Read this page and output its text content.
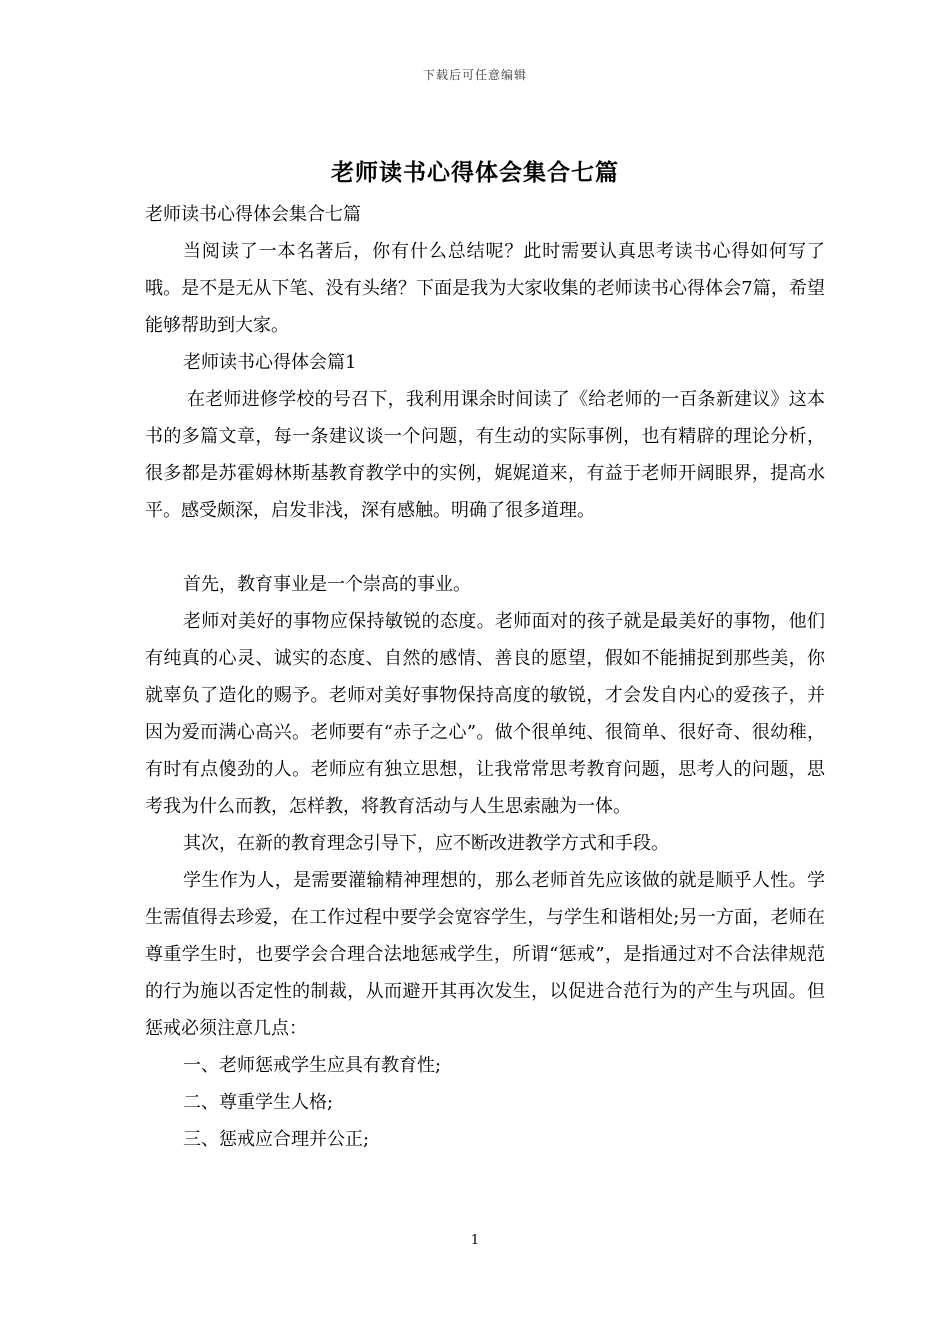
下载后可任意编辑
老师读书心得体会集合七篇

老师读书心得体会集合七篇

当阅读了一本名著后，你有什么总结呢？此时需要认真思考读书心得如何写了哦。是不是无从下笔、没有头绪？下面是我为大家收集的老师读书心得体会7篇，希望能够帮助到大家。

老师读书心得体会篇1

在老师进修学校的号召下，我利用课余时间读了《给老师的一百条新建议》这本书的多篇文章，每一条建议谈一个问题，有生动的实际事例，也有精辟的理论分析，很多都是苏霍姆林斯基教育教学中的实例，娓娓道来，有益于老师开阔眼界，提高水平。感受颇深，启发非浅，深有感触。明确了很多道理。

首先，教育事业是一个崇高的事业。

老师对美好的事物应保持敏锐的态度。老师面对的孩子就是最美好的事物，他们有纯真的心灵、诚实的态度、自然的感情、善良的愿望，假如不能捕捉到那些美，你就辜负了造化的赐予。老师对美好事物保持高度的敏锐，才会发自内心的爱孩子，并因为爱而满心高兴。老师要有“赤子之心”。做个很单纯、很简单、很好奇、很幼稚，有时有点傻劲的人。老师应有独立思想，让我常常思考教育问题，思考人的问题，思考我为什么而教，怎样教，将教育活动与人生思索融为一体。

其次，在新的教育理念引导下，应不断改进教学方式和手段。

学生作为人，是需要灌输精神理想的，那么老师首先应该做的就是顺乎人性。学生需值得去珍爱，在工作过程中要学会宽容学生，与学生和谐相处;另一方面，老师在尊重学生时，也要学会合理合法地惩戒学生，所谓“惩戒”，是指通过对不合法律规范的行为施以否定性的制裁，从而避开其再次发生，以促进合范行为的产生与巩固。但惩戒必须注意几点：

一、老师惩戒学生应具有教育性;

二、尊重学生人格;

三、惩戒应合理并公正;

1
